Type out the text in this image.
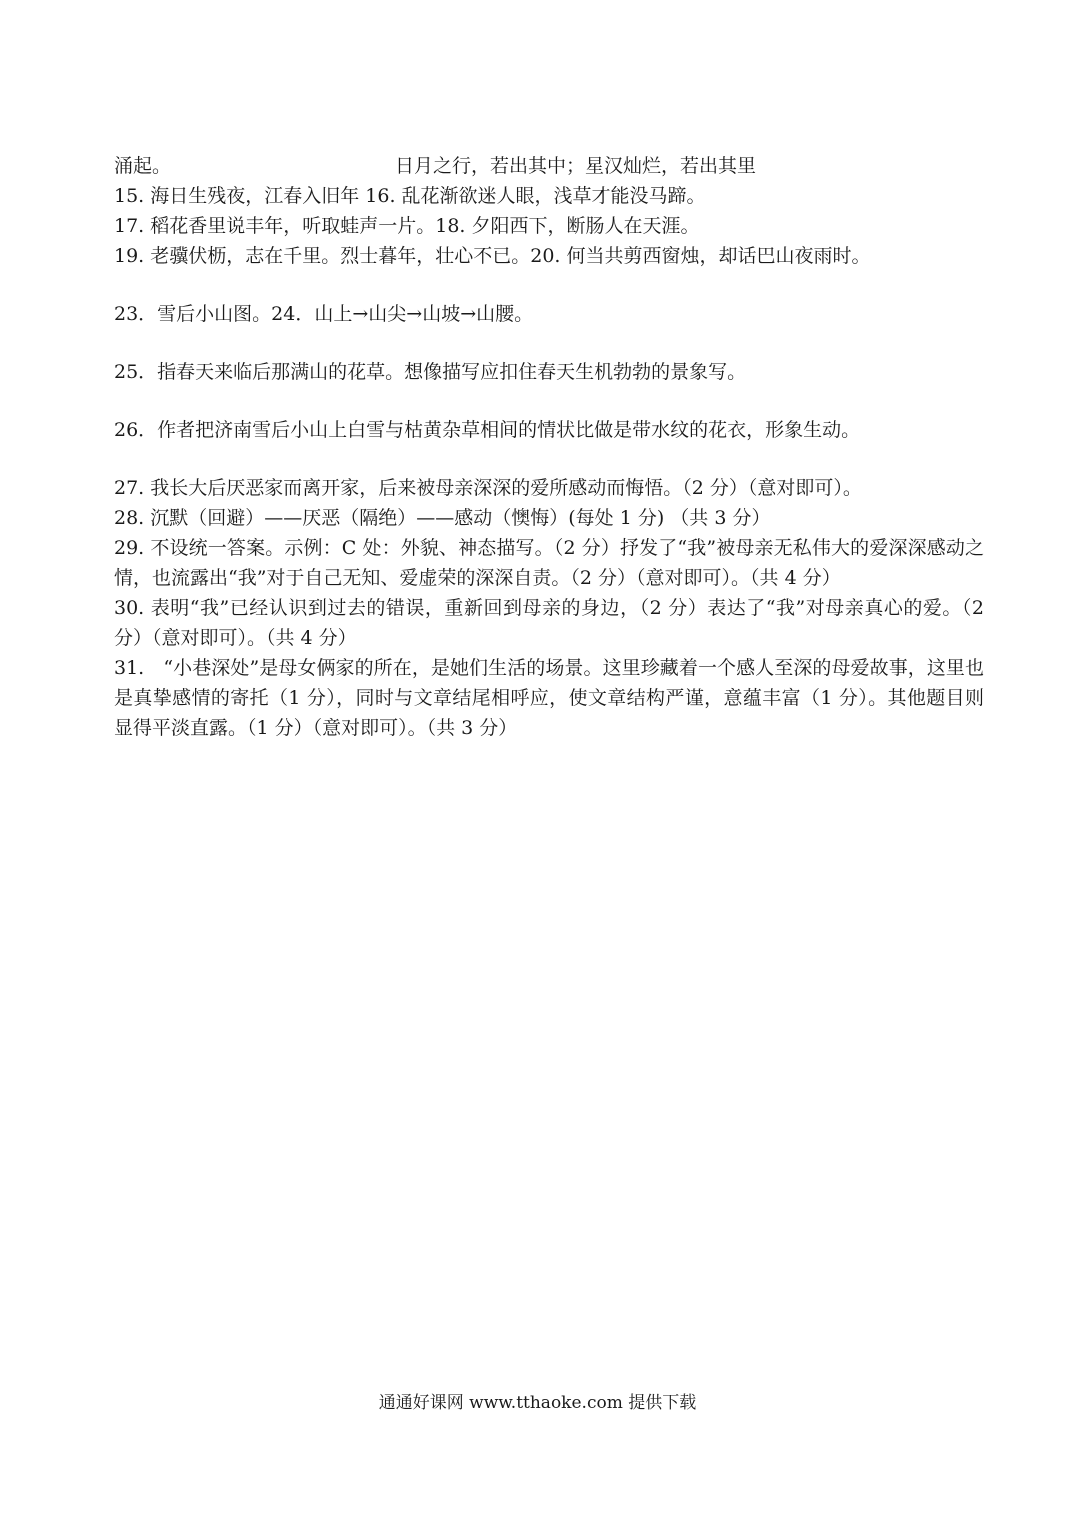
涌起。	日月之行，若出其中；星汉灿烂，若出其里
15. 海日生残夜，江春入旧年 16. 乱花渐欲迷人眼，浅草才能没马蹄。
17. 稻花香里说丰年，听取蛙声一片。18. 夕阳西下，断肠人在天涯。
19. 老骥伏枥，志在千里。烈士暮年，壮心不已。20. 何当共剪西窗烛，却话巴山夜雨时。
23．雪后小山图。24．山上→山尖→山坡→山腰。
25．指春天来临后那满山的花草。想像描写应扣住春天生机勃勃的景象写。
26．作者把济南雪后小山上白雪与枯黄杂草相间的情状比做是带水纹的花衣，形象生动。
27. 我长大后厌恶家而离开家，后来被母亲深深的爱所感动而悔悟。（2 分）（意对即可）。
28. 沉默（回避）——厌恶（隔绝）——感动（懊悔）(每处 1 分) （共 3 分）
29. 不设统一答案。示例：C 处：外貌、神态描写。（2 分）抒发了“我”被母亲无私伟大的爱深深感动之情，也流露出“我”对于自己无知、爱虚荣的深深自责。（2 分）（意对即可）。（共 4 分）
30. 表明“我”已经认识到过去的错误，重新回到母亲的身边，（2 分）表达了“我”对母亲真心的爱。（2 分）（意对即可）。（共 4 分）
31.　“小巷深处”是母女俩家的所在，是她们生活的场景。这里珍藏着一个感人至深的母爱故事，这里也是真挚感情的寄托（1 分），同时与文章结尾相呼应，使文章结构严谨，意蕴丰富（1 分）。其他题目则显得平淡直露。（1 分）（意对即可）。（共 3 分）
通通好课网 www.tthaoke.com 提供下载
